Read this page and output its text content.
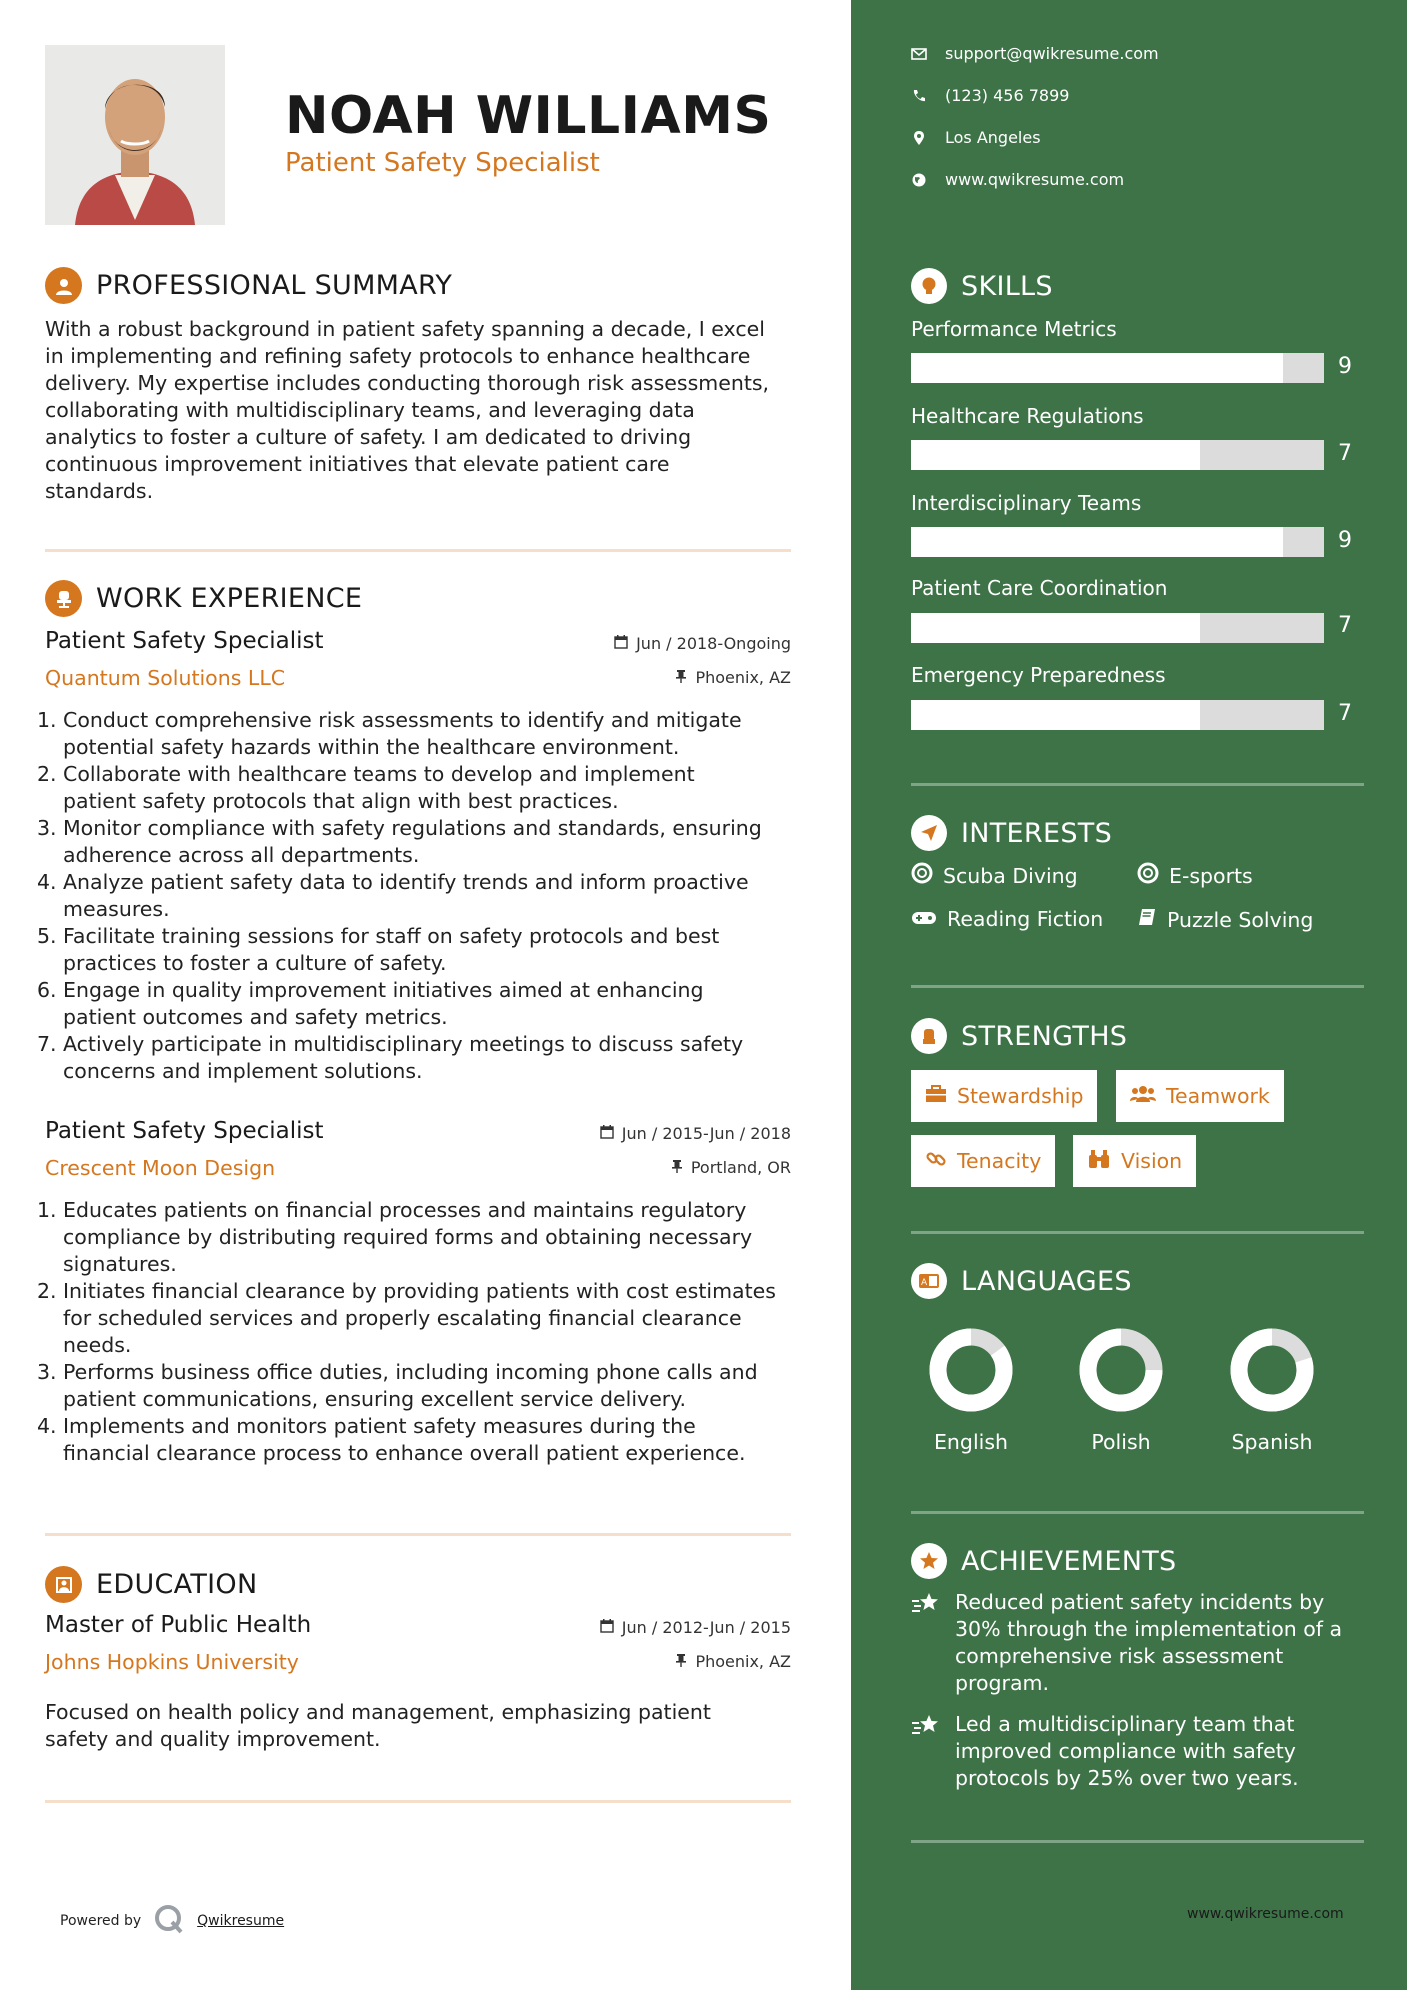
NOAH WILLIAMS
Patient Safety Specialist
PROFESSIONAL SUMMARY
With a robust background in patient safety spanning a decade, I excel
in implementing and refining safety protocols to enhance healthcare
delivery. My expertise includes conducting thorough risk assessments,
collaborating with multidisciplinary teams, and leveraging data
analytics to foster a culture of safety. I am dedicated to driving
continuous improvement initiatives that elevate patient care
standards.
WORK EXPERIENCE
Patient Safety Specialist
Quantum Solutions LLC
Jun / 2018-Ongoing
Phoenix, AZ
1. Conduct comprehensive risk assessments to identify and mitigate
potential safety hazards within the healthcare environment.
2. Collaborate with healthcare teams to develop and implement
patient safety protocols that align with best practices.
3. Monitor compliance with safety regulations and standards, ensuring
adherence across all departments.
4. Analyze patient safety data to identify trends and inform proactive
measures.
5. Facilitate training sessions for staff on safety protocols and best
practices to foster a culture of safety.
6. Engage in quality improvement initiatives aimed at enhancing
patient outcomes and safety metrics.
7. Actively participate in multidisciplinary meetings to discuss safety
concerns and implement solutions.
Patient Safety Specialist
Crescent Moon Design
Jun / 2015-Jun / 2018
Portland, OR
1. Educates patients on financial processes and maintains regulatory
compliance by distributing required forms and obtaining necessary
signatures.
2. Initiates financial clearance by providing patients with cost estimates
for scheduled services and properly escalating financial clearance
needs.
3. Performs business office duties, including incoming phone calls and
patient communications, ensuring excellent service delivery.
4. Implements and monitors patient safety measures during the
financial clearance process to enhance overall patient experience.
EDUCATION
Master of Public Health
Johns Hopkins University
Jun / 2012-Jun / 2015
Phoenix, AZ
Focused on health policy and management, emphasizing patient
safety and quality improvement.
Powered by	Qwikresume
support@qwikresume.com
(123) 456 7899
Los Angeles
www.qwikresume.com
SKILLS
Performance Metrics
9
Healthcare Regulations
7
Interdisciplinary Teams
9
Patient Care Coordination
7
Emergency Preparedness
7
INTERESTS
Scuba Diving	E-sports
Reading Fiction	Puzzle Solving
STRENGTHS
Stewardship	Teamwork
Tenacity	Vision
A LANGUAGES
English	Polish	Spanish
ACHIEVEMENTS
Reduced patient safety incidents by
30% through the implementation of a
comprehensive risk assessment
program.
Led a multidisciplinary team that
improved compliance with safety
protocols by 25% over two years.
www.qwikresume.com
